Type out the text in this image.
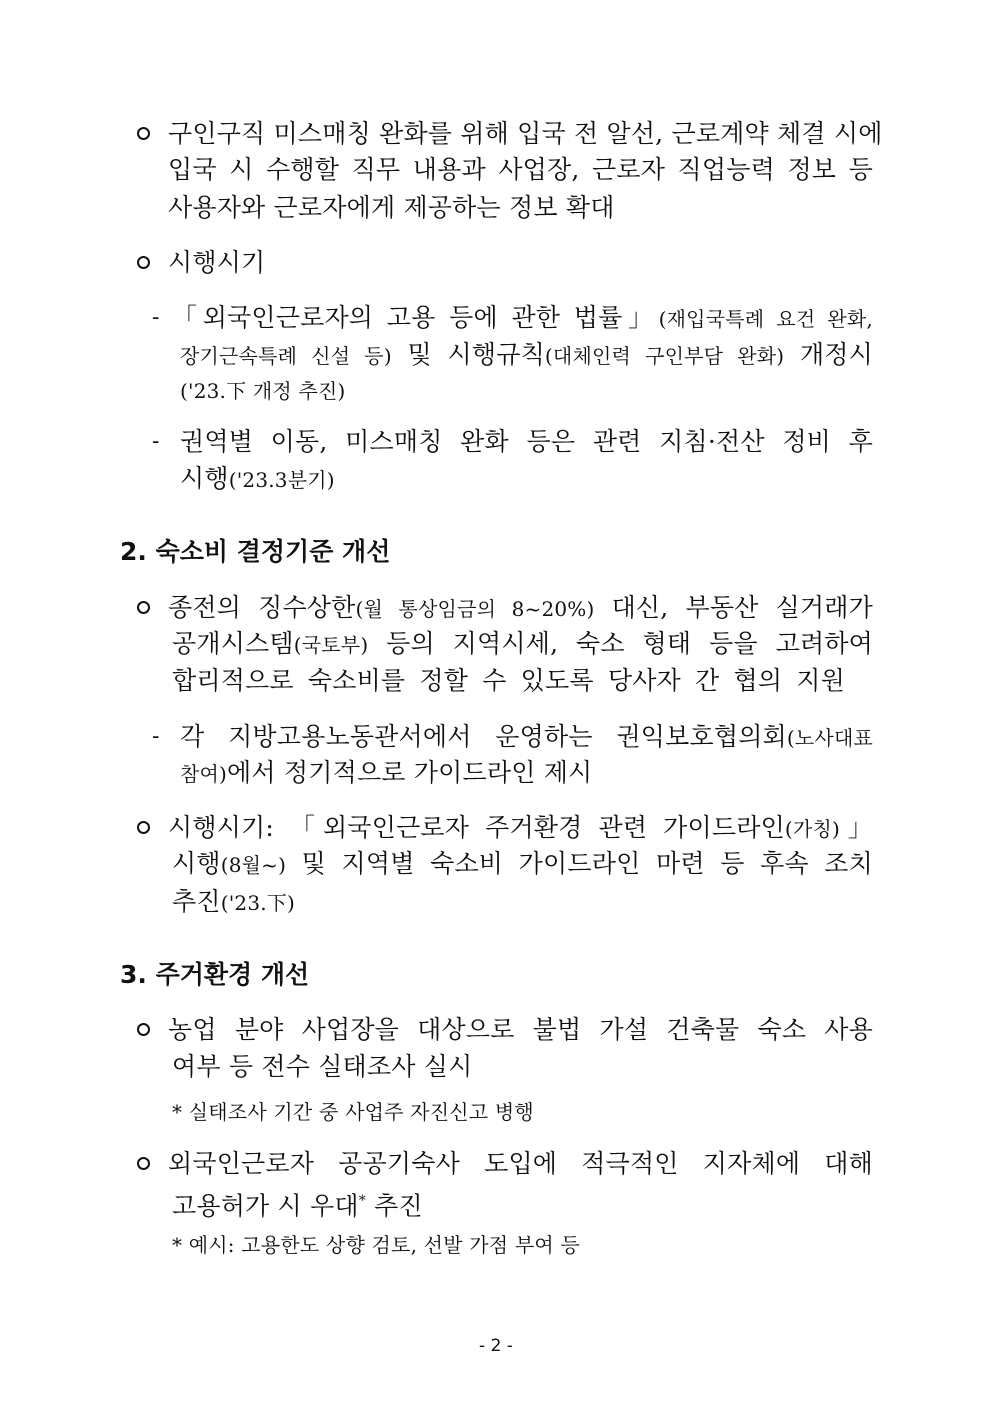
구인구직 미스매칭 완화를 위해 입국 전 알선, 근로계약 체결 시에
입국 시 수행할 직무 내용과 사업장, 근로자 직업능력 정보 등
사용자와 근로자에게 제공하는 정보 확대
시행시기
- 「외국인근로자의 고용 등에 관한 법률」(재입국특례 요건 완화,
장기근속특례 신설 등) 및 시행규칙(대체인력 구인부담 완화) 개정시
('23.下 개정 추진)
- 권역별 이동, 미스매칭 완화 등은 관련 지침·전산 정비 후
시행('23.3분기)
2. 숙소비 결정기준 개선
종전의 징수상한(월 통상임금의 8~20%) 대신, 부동산 실거래가
공개시스템(국토부) 등의 지역시세, 숙소 형태 등을 고려하여
합리적으로 숙소비를 정할 수 있도록 당사자 간 협의 지원
- 각 지방고용노동관서에서 운영하는 권익보호협의회(노사대표
참여)에서 정기적으로 가이드라인 제시
시행시기: 「외국인근로자 주거환경 관련 가이드라인(가칭)」
시행(8월~) 및 지역별 숙소비 가이드라인 마련 등 후속 조치
추진('23.下)
3. 주거환경 개선
농업 분야 사업장을 대상으로 불법 가설 건축물 숙소 사용
여부 등 전수 실태조사 실시
* 실태조사 기간 중 사업주 자진신고 병행
외국인근로자 공공기숙사 도입에 적극적인 지자체에 대해
고용허가 시 우대* 추진
* 예시: 고용한도 상향 검토, 선발 가점 부여 등
- 2 -
